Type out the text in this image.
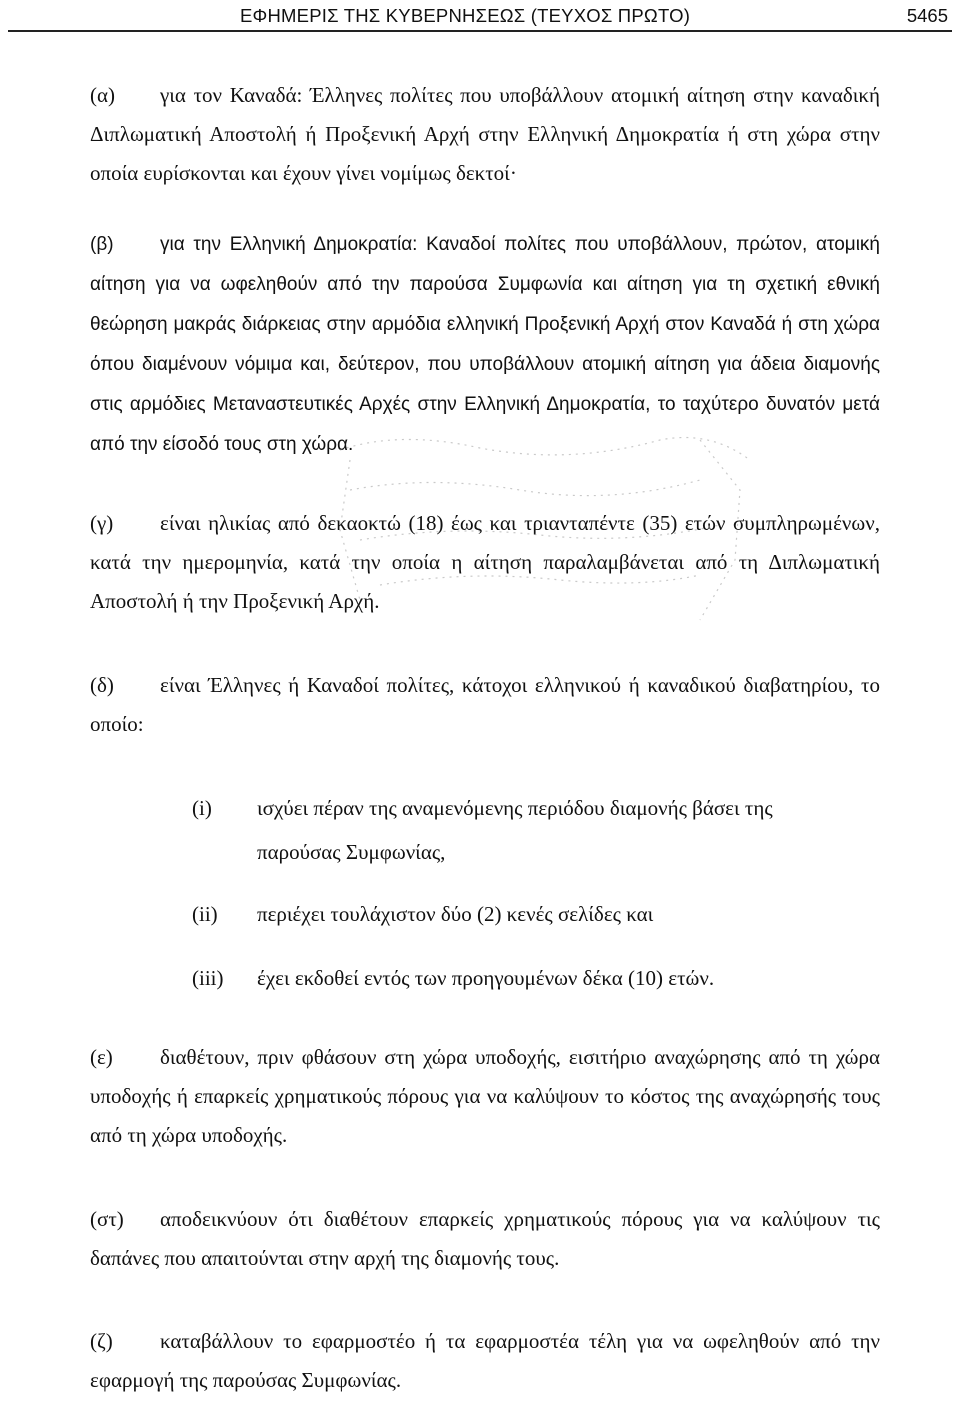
ΕΦΗΜΕΡΙΣ ΤΗΣ ΚΥΒΕΡΝΗΣΕΩΣ (ΤΕΥΧΟΣ ΠΡΩΤΟ)	5465

(α) για τον Καναδά: Έλληνες πολίτες που υποβάλλουν ατομική αίτηση στην καναδική Διπλωματική Αποστολή ή Προξενική Αρχή στην Ελληνική Δημοκρατία ή στη χώρα στην οποία ευρίσκονται και έχουν γίνει νομίμως δεκτοί·

(β) για την Ελληνική Δημοκρατία: Καναδοί πολίτες που υποβάλλουν, πρώτον, ατομική αίτηση για να ωφεληθούν από την παρούσα Συμφωνία και αίτηση για τη σχετική εθνική θεώρηση μακράς διάρκειας στην αρμόδια ελληνική Προξενική Αρχή στον Καναδά ή στη χώρα όπου διαμένουν νόμιμα και, δεύτερον, που υποβάλλουν ατομική αίτηση για άδεια διαμονής στις αρμόδιες Μεταναστευτικές Αρχές στην Ελληνική Δημοκρατία, το ταχύτερο δυνατόν μετά από την είσοδό τους στη χώρα.

(γ) είναι ηλικίας από δεκαοκτώ (18) έως και τριανταπέντε (35) ετών συμπληρωμένων, κατά την ημερομηνία, κατά την οποία η αίτηση παραλαμβάνεται από τη Διπλωματική Αποστολή ή την Προξενική Αρχή.

(δ) είναι Έλληνες ή Καναδοί πολίτες, κάτοχοι ελληνικού ή καναδικού διαβατηρίου, το οποίο:

(i) ισχύει πέραν της αναμενόμενης περιόδου διαμονής βάσει της
παρούσας Συμφωνίας,
(ii) περιέχει τουλάχιστον δύο (2) κενές σελίδες και
(iii) έχει εκδοθεί εντός των προηγουμένων δέκα (10) ετών.

(ε) διαθέτουν, πριν φθάσουν στη χώρα υποδοχής, εισιτήριο αναχώρησης από τη χώρα υποδοχής ή επαρκείς χρηματικούς πόρους για να καλύψουν το κόστος της αναχώρησής τους από τη χώρα υποδοχής.

(στ) αποδεικνύουν ότι διαθέτουν επαρκείς χρηματικούς πόρους για να καλύψουν τις δαπάνες που απαιτούνται στην αρχή της διαμονής τους.

(ζ) καταβάλλουν το εφαρμοστέο ή τα εφαρμοστέα τέλη για να ωφεληθούν από την εφαρμογή της παρούσας Συμφωνίας.
